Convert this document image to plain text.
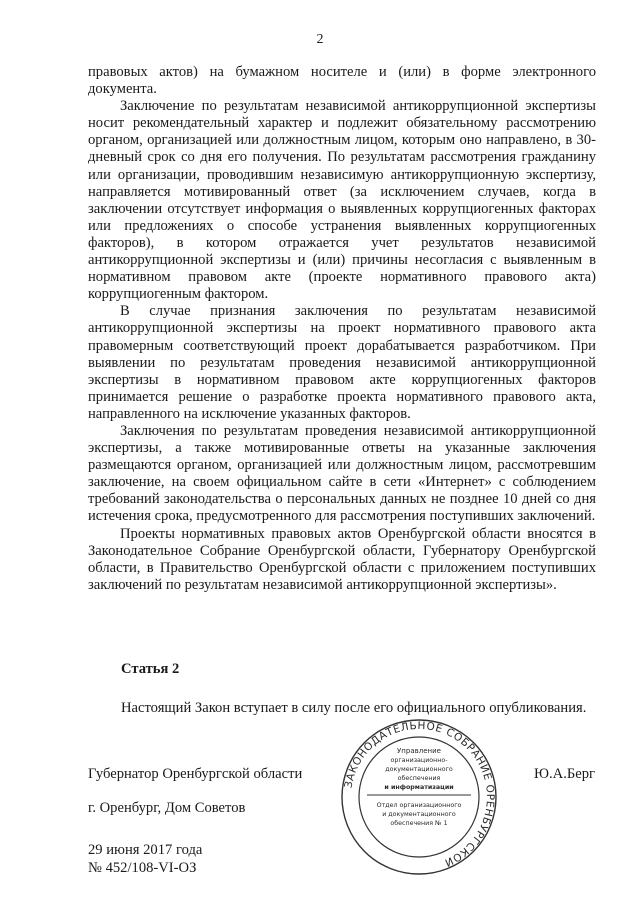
2

правовых актов) на бумажном носителе и (или) в форме электронного документа.

Заключение по результатам независимой антикоррупционной экспертизы носит рекомендательный характер и подлежит обязательному рассмотрению органом, организацией или должностным лицом, которым оно направлено, в 30-дневный срок со дня его получения. По результатам рассмотрения гражданину или организации, проводившим независимую антикоррупционную экспертизу, направляется мотивированный ответ (за исключением случаев, когда в заключении отсутствует информация о выявленных коррупциогенных факторах или предложениях о способе устранения выявленных коррупциогенных факторов), в котором отражается учет результатов независимой антикоррупционной экспертизы и (или) причины несогласия с выявленным в нормативном правовом акте (проекте нормативного правового акта) коррупциогенным фактором.

В случае признания заключения по результатам независимой антикоррупционной экспертизы на проект нормативного правового акта правомерным соответствующий проект дорабатывается разработчиком. При выявлении по результатам проведения независимой антикоррупционной экспертизы в нормативном правовом акте коррупциогенных факторов принимается решение о разработке проекта нормативного правового акта, направленного на исключение указанных факторов.

Заключения по результатам проведения независимой антикоррупционной экспертизы, а также мотивированные ответы на указанные заключения размещаются органом, организацией или должностным лицом, рассмотревшим заключение, на своем официальном сайте в сети «Интернет» с соблюдением требований законодательства о персональных данных не позднее 10 дней со дня истечения срока, предусмотренного для рассмотрения поступивших заключений.

Проекты нормативных правовых актов Оренбургской области вносятся в Законодательное Собрание Оренбургской области, Губернатору Оренбургской области, в Правительство Оренбургской области с приложением поступивших заключений по результатам независимой антикоррупционной экспертизы».

Статья 2
Настоящий Закон вступает в силу после его официального опубликования.
Губернатор Оренбургской области	Ю.А.Берг
г. Оренбург, Дом Советов
29 июня 2017 года
№ 452/108-VI-ОЗ
ЗАКОНОДАТЕЛЬНОЕ СОБРАНИЕ ОРЕНБУРГСКОЙ
Управление
организационно-
документационного
обеспечения
и информатизации
Отдел организационного
и документационного
обеспечения № 1
